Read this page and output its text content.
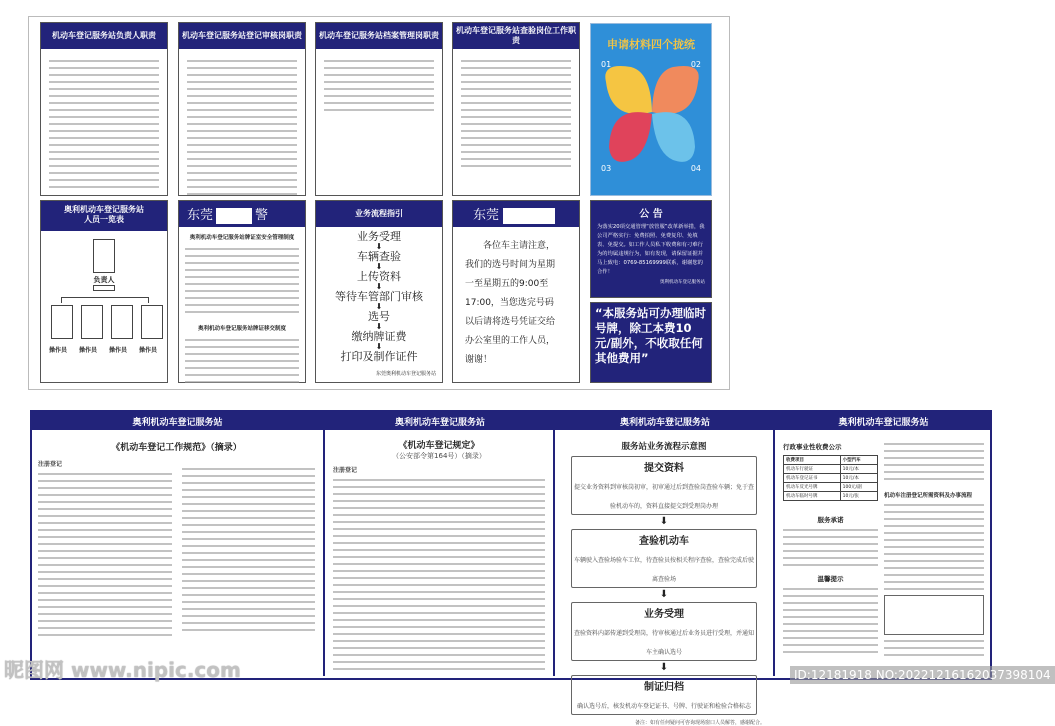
机动车登记服务站负责人职责	机动车登记服务站登记审核岗职责	机动车登记服务站档案管理岗职责
机动车登记服务站查验岗位工作职责	申请材料四个拢统
01	02
03	04
奥利机动车登记服务站
人员一览表
负责人
操作员 操作员 操作员 操作员
东莞	警
奥利机动车登记服务站牌证室安全管理制度
奥利机动车登记服务站牌证移交制度
业务流程指引
业务受理
⬇
车辆查验
⬇
上传资料
⬇
等待车管部门审核
⬇
选号
⬇
缴纳牌证费
⬇
打印及制作证件
东莞奥利机动车登记服务站
东莞
各位车主请注意，
我们的选号时间为星期
一至星期五的9:00至
17:00，当您选完号码
以后请将选号凭证交给
办公室里的工作人员，
谢谢！
公 告
为落实20项交通管理“放管服”改革新举措，我公司严格实行：免费拍照、免费复印、免填表、免提交。如工作人员私下收费和有刁难行为的均属违规行为，如有发现，请保留证据并马上致电：0769-85169999联系，谢谢您的合作！
奥利机动车登记服务站
“本服务站可办理临时号牌，除工本费10元/副外，不收取任何其他费用”
奥利机动车登记服务站	奥利机动车登记服务站	奥利机动车登记服务站	奥利机动车登记服务站
《机动车登记工作规范》（摘录）
注册登记
《机动车登记规定》
（公安部令第164号）（摘录）
注册登记
服务站业务流程示意图
提交资料
提交业务资料到审核岗初审，初审通过后到查验岗查验车辆；免于查验机动车的，资料直接提交到受理岗办理
⬇
查验机动车
车辆驶入查验场验车工位，待查验员按相关程序查验，查验完成后驶离查验场
⬇
业务受理
查验资料内部传递到受理岗，待审核通过后业务员进行受理，并通知车主确认选号
⬇
制证归档
确认选号后，核发机动车登记证书、号牌、行驶证和检验合格标志
备注：如有任何疑问可咨询现场窗口人员解答，感谢配合。
行政事业性收费公示
收费项目	小型汽车
机动车行驶证	10元/本
机动车登记证书	10元/本
机动车反光号牌	100元/副
机动车临时号牌	10元/张
服务承诺
温馨提示
机动车注册登记所需资料及办事流程
昵图网 www.nipic.com	ID:12181918 NO:20221216162037398104
